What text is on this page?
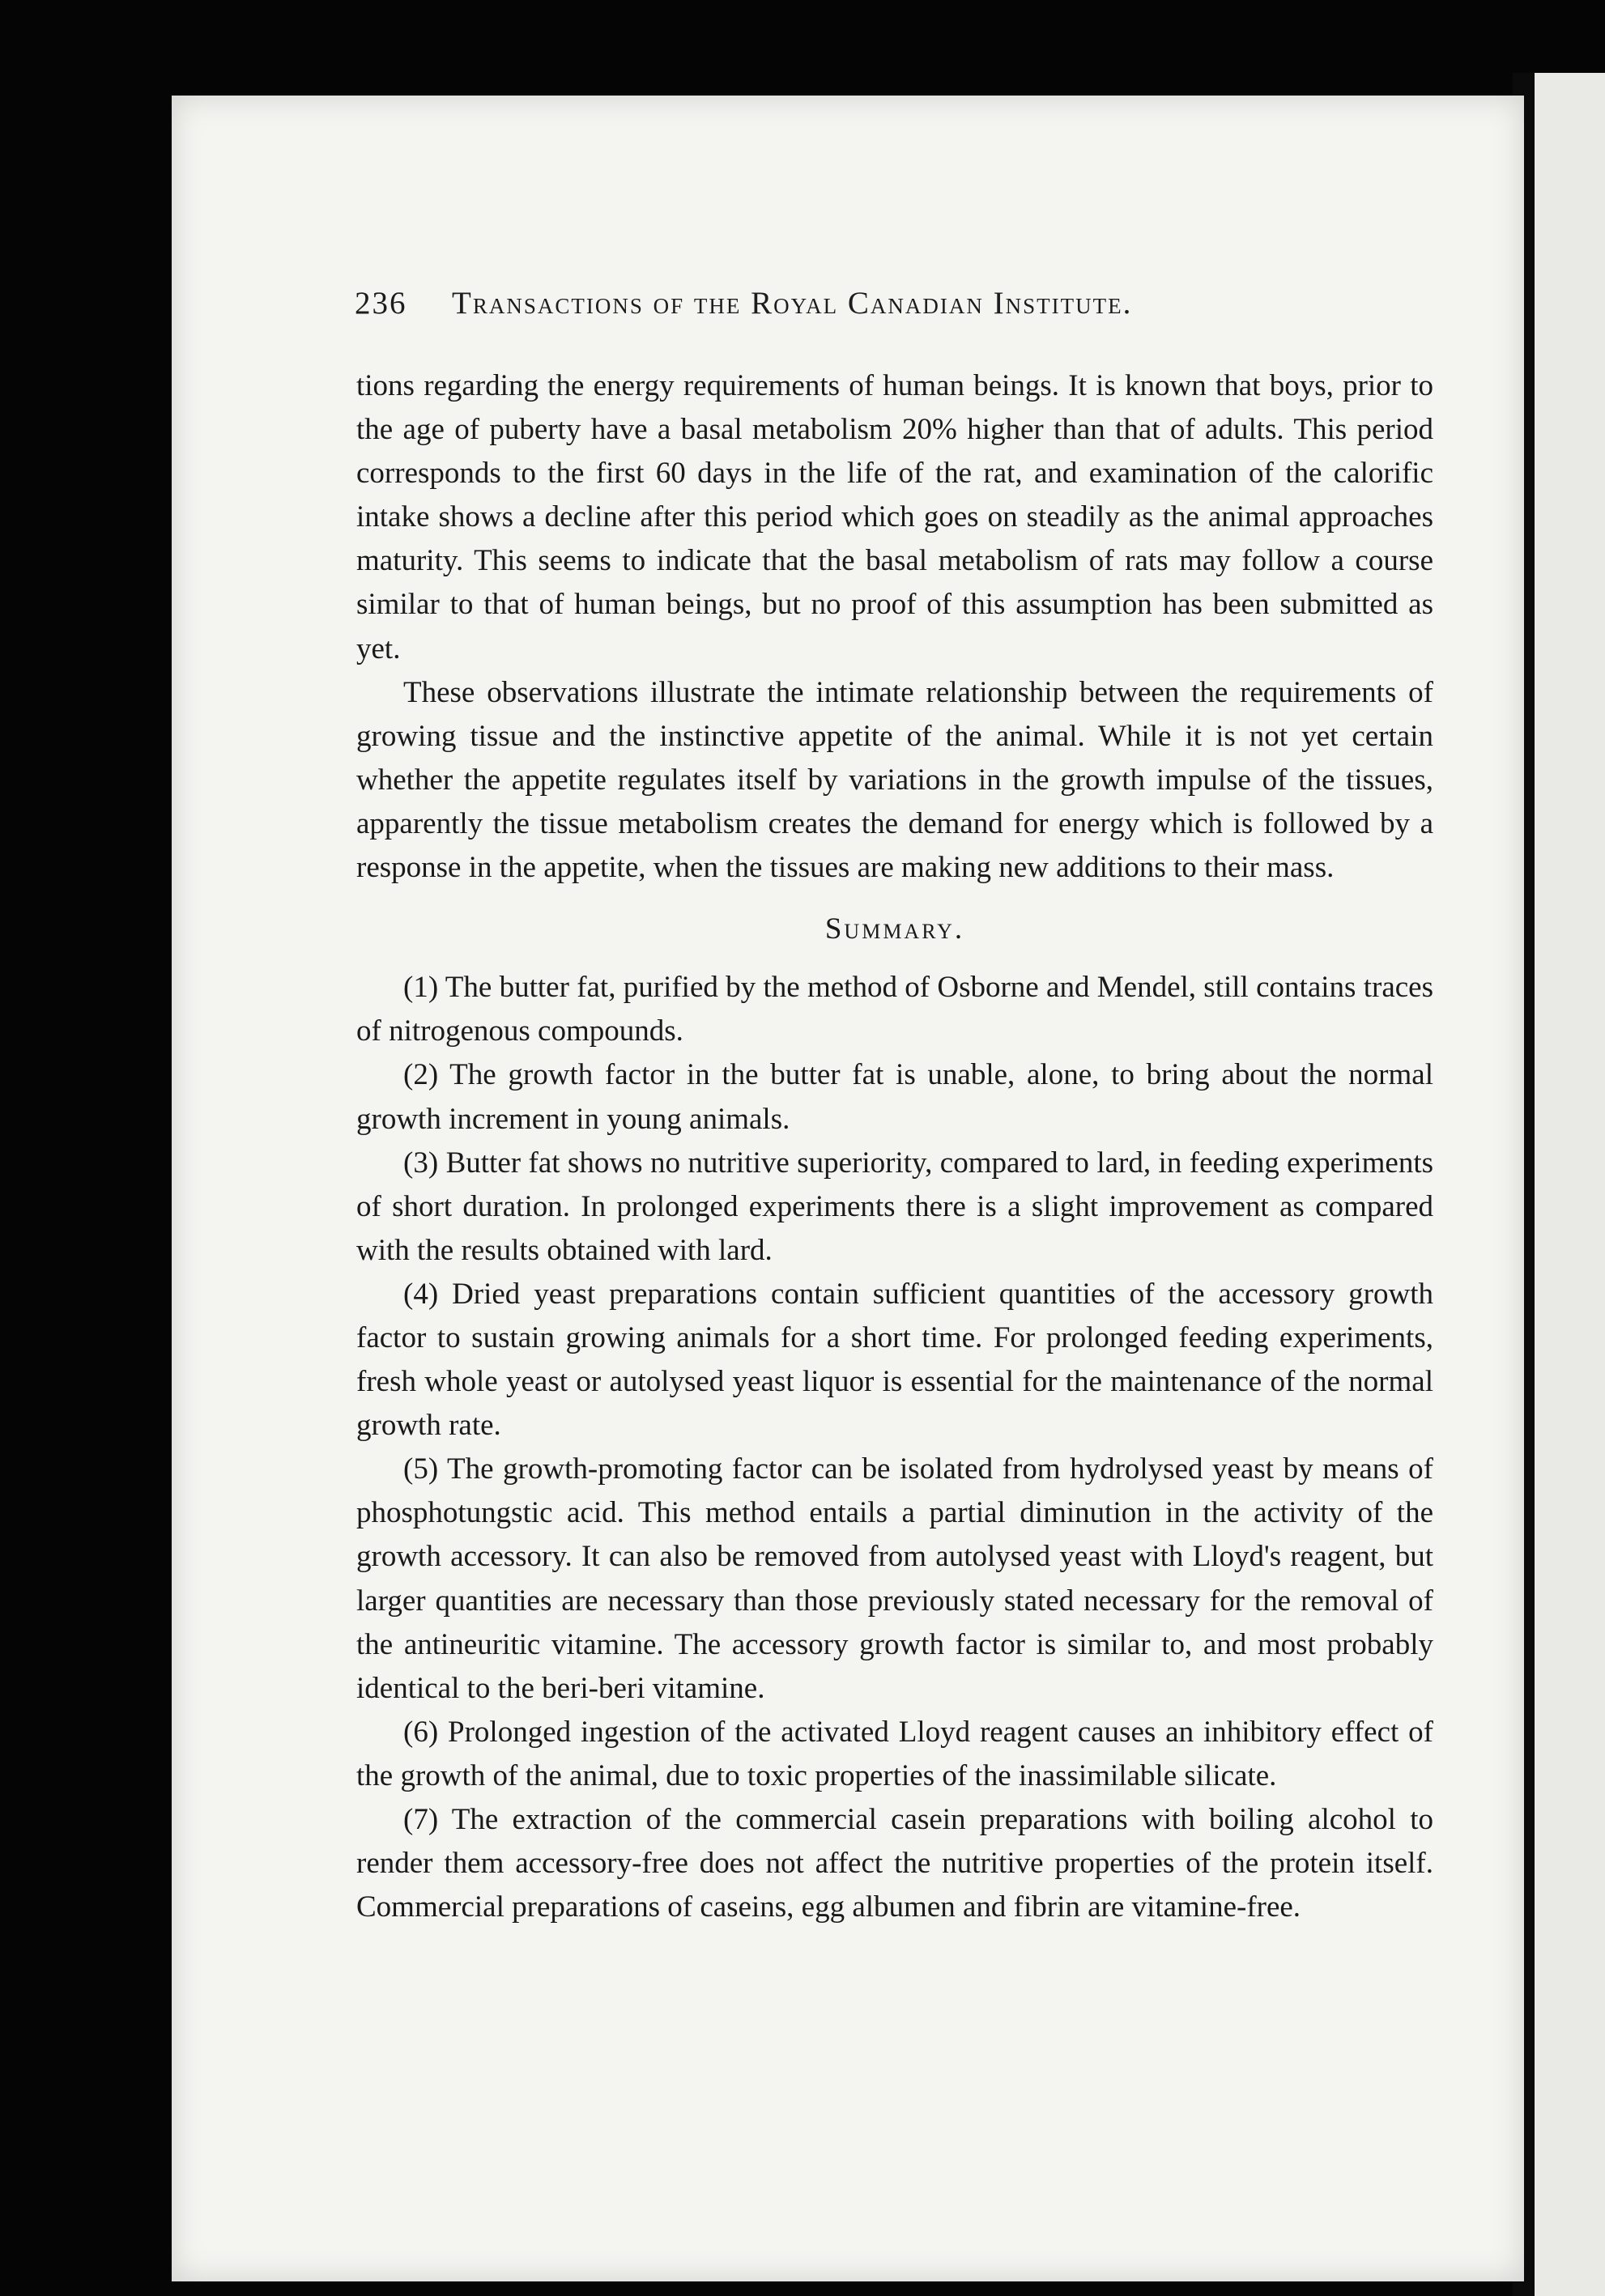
236 Transactions of the Royal Canadian Institute.

tions regarding the energy requirements of human beings. It is known that boys, prior to the age of puberty have a basal metabolism 20% higher than that of adults. This period corresponds to the first 60 days in the life of the rat, and examination of the calorific intake shows a decline after this period which goes on steadily as the animal approaches maturity. This seems to indicate that the basal metabolism of rats may follow a course similar to that of human beings, but no proof of this assumption has been submitted as yet.

These observations illustrate the intimate relationship between the requirements of growing tissue and the instinctive appetite of the animal. While it is not yet certain whether the appetite regulates itself by variations in the growth impulse of the tissues, apparently the tissue metabolism creates the demand for energy which is followed by a response in the appetite, when the tissues are making new additions to their mass.

Summary.

(1) The butter fat, purified by the method of Osborne and Mendel, still contains traces of nitrogenous compounds.

(2) The growth factor in the butter fat is unable, alone, to bring about the normal growth increment in young animals.

(3) Butter fat shows no nutritive superiority, compared to lard, in feeding experiments of short duration. In prolonged experiments there is a slight improvement as compared with the results obtained with lard.

(4) Dried yeast preparations contain sufficient quantities of the accessory growth factor to sustain growing animals for a short time. For prolonged feeding experiments, fresh whole yeast or autolysed yeast liquor is essential for the maintenance of the normal growth rate.

(5) The growth-promoting factor can be isolated from hydrolysed yeast by means of phosphotungstic acid. This method entails a partial diminution in the activity of the growth accessory. It can also be removed from autolysed yeast with Lloyd's reagent, but larger quantities are necessary than those previously stated necessary for the removal of the antineuritic vitamine. The accessory growth factor is similar to, and most probably identical to the beri-beri vitamine.

(6) Prolonged ingestion of the activated Lloyd reagent causes an inhibitory effect of the growth of the animal, due to toxic properties of the inassimilable silicate.

(7) The extraction of the commercial casein preparations with boiling alcohol to render them accessory-free does not affect the nutritive properties of the protein itself. Commercial preparations of caseins, egg albumen and fibrin are vitamine-free.
